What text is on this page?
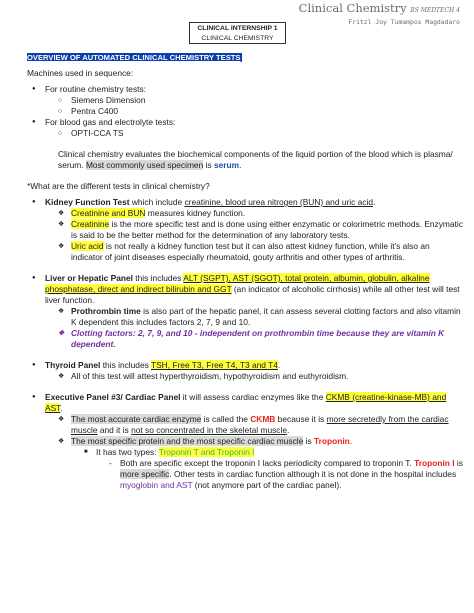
Clinical Chemistry BS MEDTECH 4
Fritzl Joy Tumampos Magdadaro
CLINICAL INTERNSHIP 1
CLINICAL CHEMISTRY
OVERVIEW OF AUTOMATED CLINICAL CHEMISTRY TESTS
Machines used in sequence:
● For routine chemistry tests:
○ Siemens Dimension
○ Pentra C400
● For blood gas and electrolyte tests:
○ OPTI-CCA TS
Clinical chemistry evaluates the biochemical components of the liquid portion of the blood which is plasma/ serum. Most commonly used specimen is serum.
*What are the different tests in clinical chemistry?
● Kidney Function Test which include creatinine, blood urea nitrogen (BUN) and uric acid.
❖ Creatinine and BUN measures kidney function.
❖ Creatinine is the more specific test and is done using either enzymatic or colorimetric methods. Enzymatic is said to be the better method for the determination of any laboratory tests.
❖ Uric acid is not really a kidney function test but it can also attest kidney function, while it's also an indicator of joint diseases especially rheumatoid, gouty arthritis and other types of arthritis.
● Liver or Hepatic Panel this includes ALT (SGPT), AST (SGOT), total protein, albumin, globulin, alkaline phosphatase, direct and indirect bilirubin and GGT (an indicator of alcoholic cirrhosis) while all other test will test liver function.
❖ Prothrombin time is also part of the hepatic panel, it can assess several clotting factors and also vitamin K dependent this includes factors 2, 7, 9 and 10.
❖ Clotting factors: 2, 7, 9, and 10 - independent on prothrombin time because they are vitamin K dependent.
● Thyroid Panel this includes TSH, Free T3, Free T4, T3 and T4.
❖ All of this test will attest hyperthyroidism, hypothyroidism and euthyroidism.
● Executive Panel #3/ Cardiac Panel it will assess cardiac enzymes like the CKMB (creatine-kinase-MB) and AST.
❖ The most accurate cardiac enzyme is called the CKMB because it is more secretedly from the cardiac muscle and it is not so concentrated in the skeletal muscle.
❖ The most specific protein and the most specific cardiac muscle is Troponin.
■ It has two types: Troponin T and Troponin I
- Both are specific except the troponin I lacks periodicity compared to troponin T. Troponin I is more specific. Other tests in cardiac function although it is not done in the hospital includes myoglobin and AST (not anymore part of the cardiac panel).
